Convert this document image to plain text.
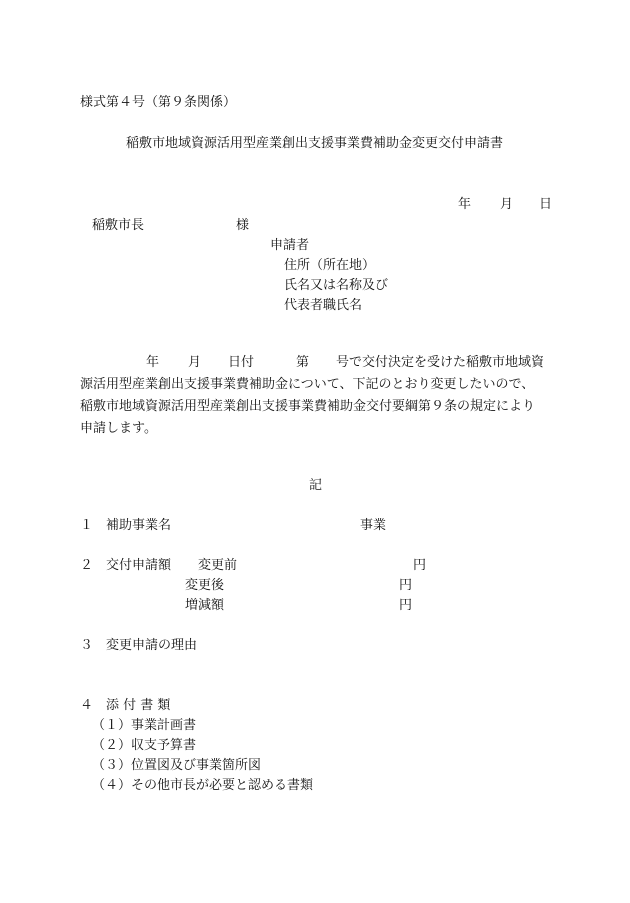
様式第４号（第９条関係）
稲敷市地域資源活用型産業創出支援事業費補助金変更交付申請書
年 月 日
稲敷市長	様
申請者
住所（所在地）
氏名又は名称及び
代表者職氏名
年 月 日付	第 号で交付決定を受けた稲敷市地域資
源活用型産業創出支援事業費補助金について、下記のとおり変更したいので、
稲敷市地域資源活用型産業創出支援事業費補助金交付要綱第９条の規定により
申請します。
記
１ 補助事業名	事業
２ 交付申請額 変更前	円
変更後	円
増減額	円
３ 変更申請の理由
４ 添 付 書 類
（１）事業計画書
（２）収支予算書
（３）位置図及び事業箇所図
（４）その他市長が必要と認める書類
